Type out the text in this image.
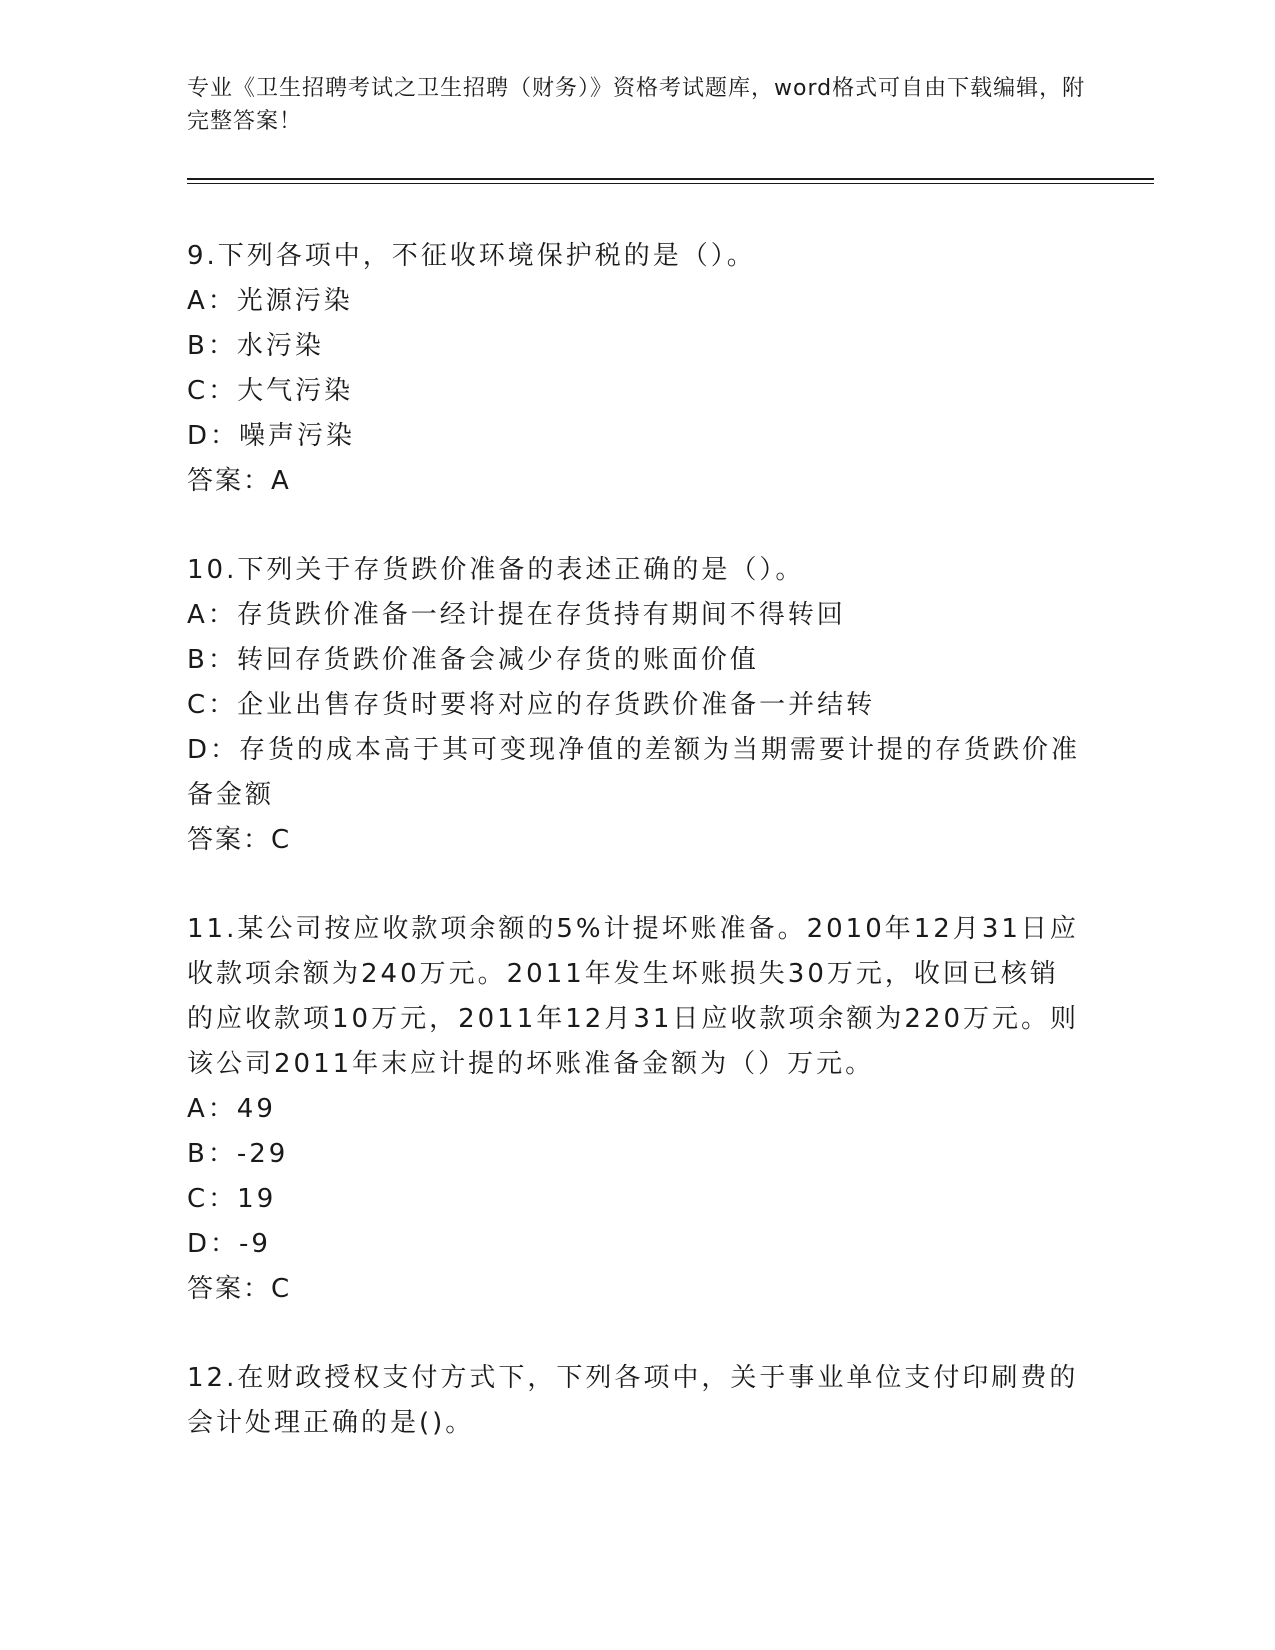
专业《卫生招聘考试之卫生招聘（财务）》资格考试题库，word格式可自由下载编辑，附完整答案！
9.下列各项中，不征收环境保护税的是（）。
A：光源污染
B：水污染
C：大气污染
D：噪声污染
答案：A
10.下列关于存货跌价准备的表述正确的是（）。
A：存货跌价准备一经计提在存货持有期间不得转回
B：转回存货跌价准备会减少存货的账面价值
C：企业出售存货时要将对应的存货跌价准备一并结转
D：存货的成本高于其可变现净值的差额为当期需要计提的存货跌价准备金额
答案：C
11.某公司按应收款项余额的5%计提坏账准备。2010年12月31日应收款项余额为240万元。2011年发生坏账损失30万元，收回已核销的应收款项10万元，2011年12月31日应收款项余额为220万元。则该公司2011年末应计提的坏账准备金额为（）万元。
A：49
B：-29
C：19
D：-9
答案：C
12.在财政授权支付方式下，下列各项中，关于事业单位支付印刷费的会计处理正确的是()。
